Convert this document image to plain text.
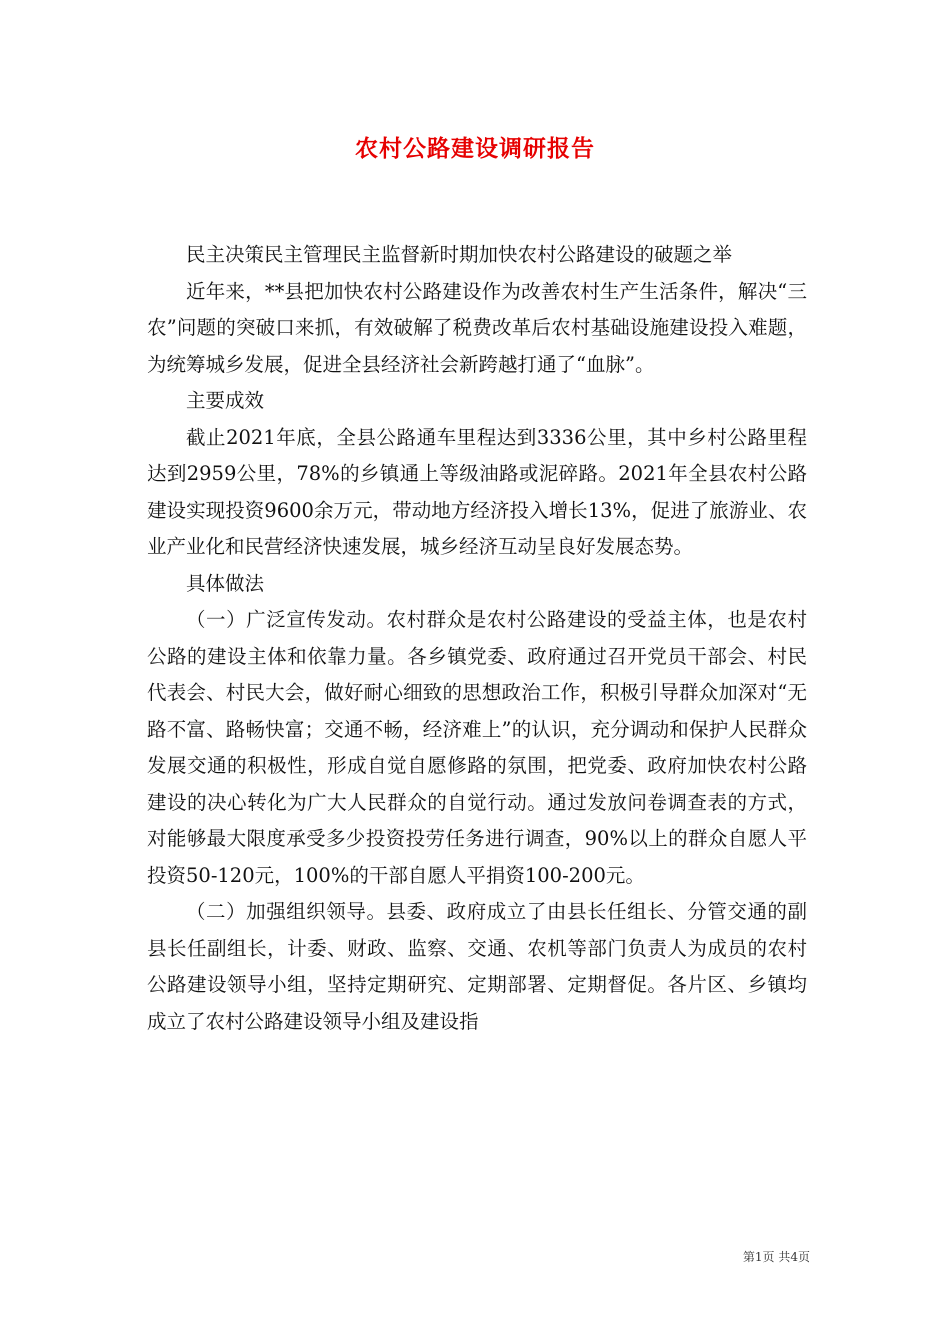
农村公路建设调研报告

民主决策民主管理民主监督新时期加快农村公路建设的破题之举

近年来，**县把加快农村公路建设作为改善农村生产生活条件，解决“三农”问题的突破口来抓，有效破解了税费改革后农村基础设施建设投入难题，为统筹城乡发展，促进全县经济社会新跨越打通了“血脉”。

主要成效

截止2021年底，全县公路通车里程达到3336公里，其中乡村公路里程达到2959公里，78%的乡镇通上等级油路或泥碎路。2021年全县农村公路建设实现投资9600余万元，带动地方经济投入增长13%，促进了旅游业、农业产业化和民营经济快速发展，城乡经济互动呈良好发展态势。

具体做法

（一）广泛宣传发动。农村群众是农村公路建设的受益主体，也是农村公路的建设主体和依靠力量。各乡镇党委、政府通过召开党员干部会、村民代表会、村民大会，做好耐心细致的思想政治工作，积极引导群众加深对“无路不富、路畅快富；交通不畅，经济难上”的认识，充分调动和保护人民群众发展交通的积极性，形成自觉自愿修路的氛围，把党委、政府加快农村公路建设的决心转化为广大人民群众的自觉行动。通过发放问卷调查表的方式，对能够最大限度承受多少投资投劳任务进行调查，90%以上的群众自愿人平投资50-120元，100%的干部自愿人平捐资100-200元。

（二）加强组织领导。县委、政府成立了由县长任组长、分管交通的副县长任副组长，计委、财政、监察、交通、农机等部门负责人为成员的农村公路建设领导小组，坚持定期研究、定期部署、定期督促。各片区、乡镇均成立了农村公路建设领导小组及建设指

第1页 共4页
